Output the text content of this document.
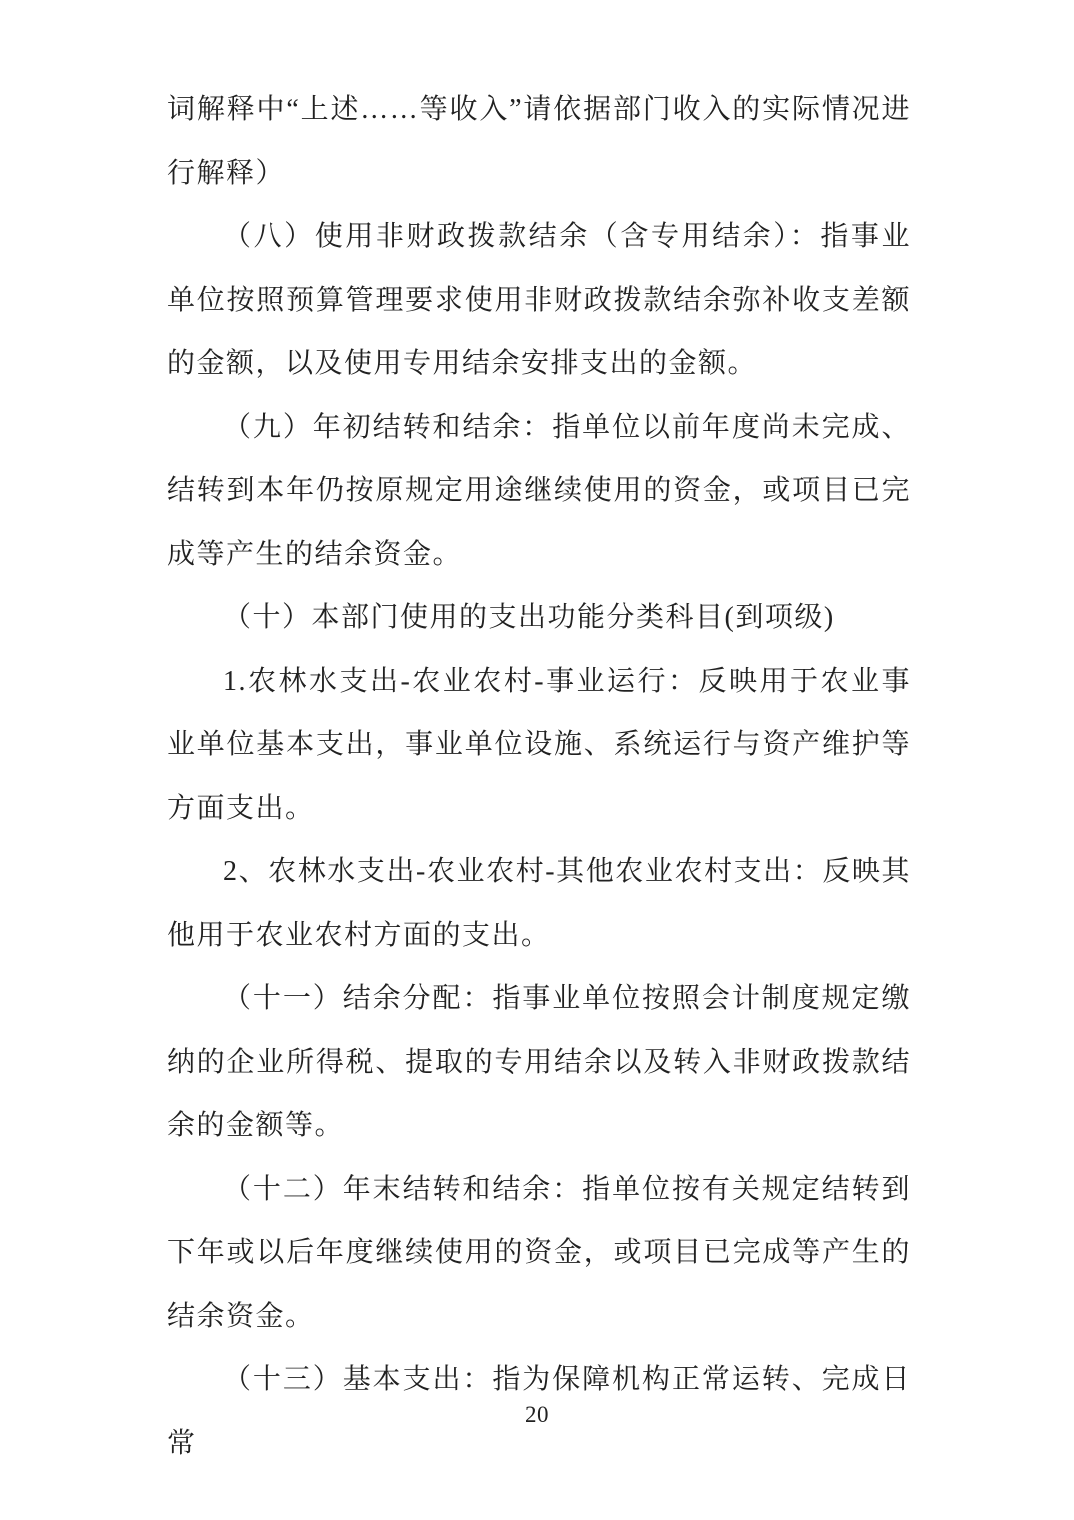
词解释中“上述……等收入”请依据部门收入的实际情况进行解释）

（八）使用非财政拨款结余（含专用结余）：指事业单位按照预算管理要求使用非财政拨款结余弥补收支差额的金额，以及使用专用结余安排支出的金额。

（九）年初结转和结余：指单位以前年度尚未完成、结转到本年仍按原规定用途继续使用的资金，或项目已完成等产生的结余资金。

（十）本部门使用的支出功能分类科目(到项级)

1.农林水支出-农业农村-事业运行：反映用于农业事业单位基本支出，事业单位设施、系统运行与资产维护等方面支出。

2、农林水支出-农业农村-其他农业农村支出：反映其他用于农业农村方面的支出。

（十一）结余分配：指事业单位按照会计制度规定缴纳的企业所得税、提取的专用结余以及转入非财政拨款结余的金额等。

（十二）年末结转和结余：指单位按有关规定结转到下年或以后年度继续使用的资金，或项目已完成等产生的结余资金。

（十三）基本支出：指为保障机构正常运转、完成日常

20
